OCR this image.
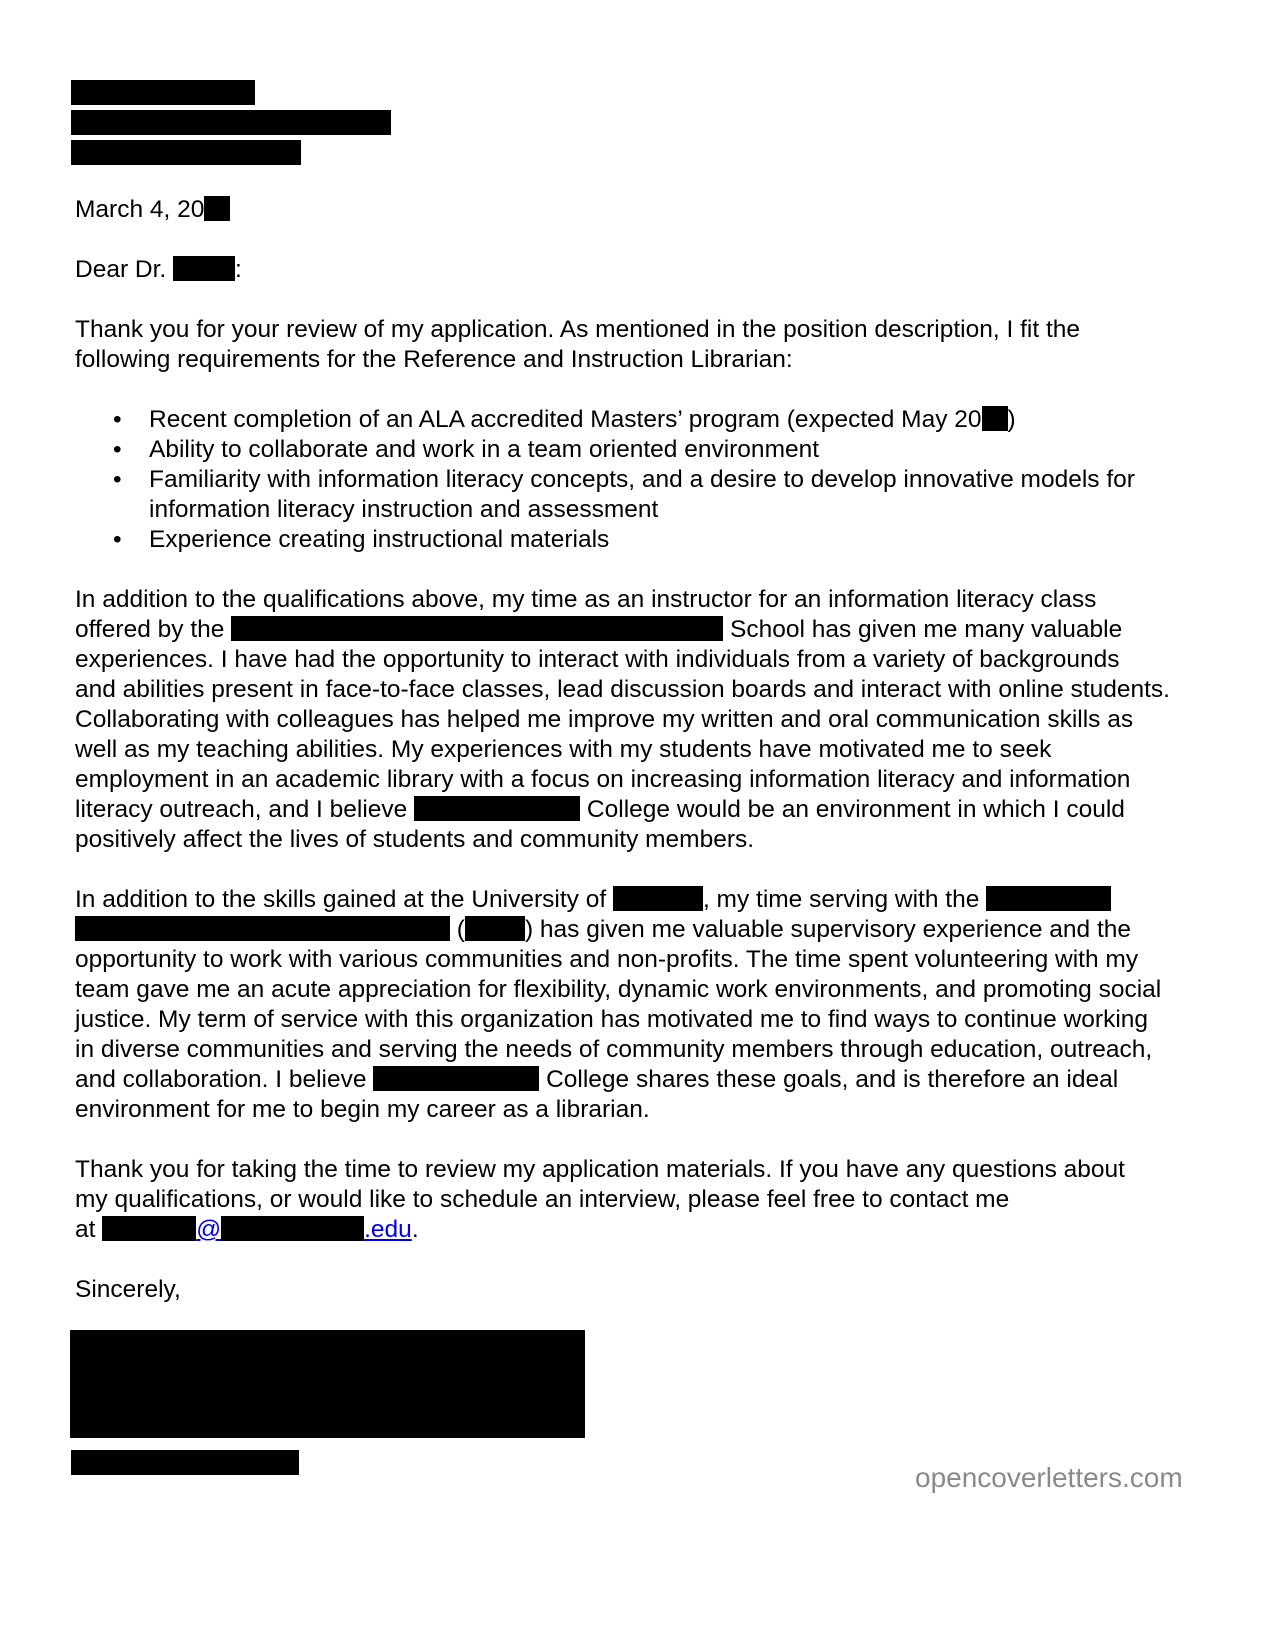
March 4, 20
Dear Dr.	:
Thank you for your review of my application. As mentioned in the position description, I fit the
following requirements for the Reference and Instruction Librarian:
• Recent completion of an ALA accredited Masters’ program (expected May 20 )
• Ability to collaborate and work in a team oriented environment
• Familiarity with information literacy concepts, and a desire to develop innovative models for
information literacy instruction and assessment
• Experience creating instructional materials
In addition to the qualifications above, my time as an instructor for an information literacy class
offered by the	School has given me many valuable
experiences. I have had the opportunity to interact with individuals from a variety of backgrounds
and abilities present in face-to-face classes, lead discussion boards and interact with online students.
Collaborating with colleagues has helped me improve my written and oral communication skills as
well as my teaching abilities. My experiences with my students have motivated me to seek
employment in an academic library with a focus on increasing information literacy and information
literacy outreach, and I believe	College would be an environment in which I could
positively affect the lives of students and community members.
In addition to the skills gained at the University of	, my time serving with the
( ) has given me valuable supervisory experience and the
opportunity to work with various communities and non-profits. The time spent volunteering with my
team gave me an acute appreciation for flexibility, dynamic work environments, and promoting social
justice. My term of service with this organization has motivated me to find ways to continue working
in diverse communities and serving the needs of community members through education, outreach,
and collaboration. I believe	College shares these goals, and is therefore an ideal
environment for me to begin my career as a librarian.
Thank you for taking the time to review my application materials. If you have any questions about
my qualifications, or would like to schedule an interview, please feel free to contact me
at	@	.edu.
Sincerely,
opencoverletters.com
